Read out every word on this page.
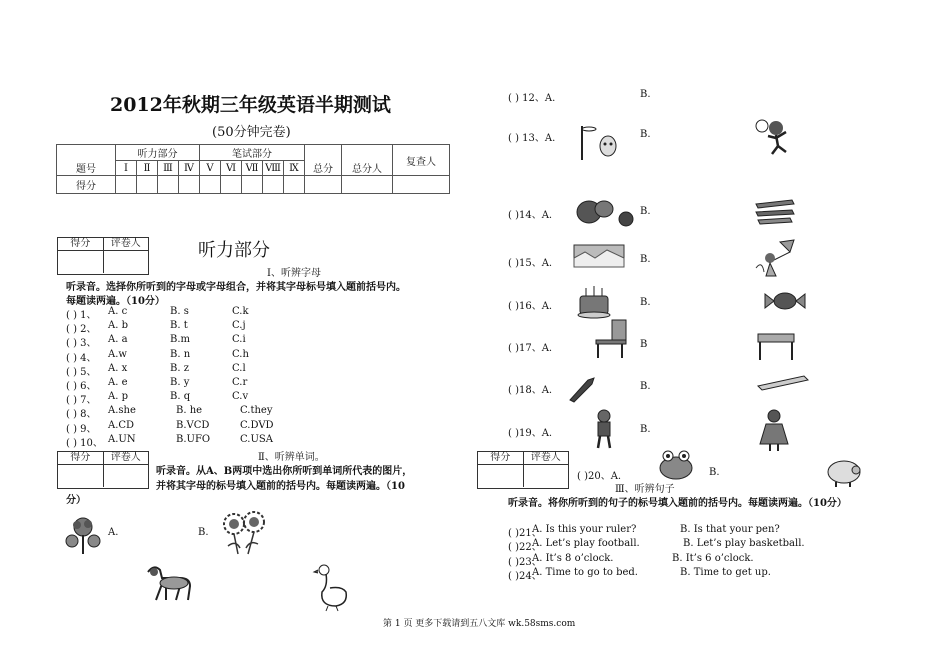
2012年秋期三年级英语半期测试
(50分钟完卷)
题号	听力部分				笔试部分					总分	总分人	复查人
	Ⅰ	Ⅱ	Ⅲ	Ⅳ	Ⅴ	Ⅵ	Ⅶ	Ⅷ	Ⅸ			
得分												
得分	评卷人	听力部分
Ⅰ、听辨字母
听录音。选择你所听到的字母或字母组合，并将其字母标号填入题前括号内。
每题读两遍。（10分）
( ) 1、 A. c	B. s	C.k
( ) 2、 A. b	B. t	C.j
( ) 3、 A. a	B.m	C.i
( ) 4、 A.w	B. n	C.h
( ) 5、 A. x	B. z	C.l
( ) 6、 A. e	B. y	C.r
( ) 7、 A. p	B. q	C.v
( ) 8、 A.she	B. he	C.they
( ) 9、 A.CD	B.VCD	C.DVD
( ) 10、 A.UN	B.UFO	C.USA
得分	评卷人	Ⅱ、听辨单词。
听录音。从A、B两项中选出你所听到单词所代表的图片，
并将其字母的标号填入题前的括号内。每题读两遍。（10
分）
A.	B.
( ) 12、A.	B.
( ) 13、A.	B.
( )14、A.	B.
( )15、A.	B.
( )16、A.	B.
( )17、A.	B
( )18、A.	B.
( )19、A.	B.
( )20、A.	B.
得分	评卷人
Ⅲ、听辨句子
听录音。将你所听到的句子的标号填入题前的括号内。每题读两遍。（10分）
( )21、
A. Is this your ruler?	B. Is that your pen?
( )22、
A. Let’s play football.	B. Let’s play basketball.
( )23、
A. It’s 8 o’clock.	B. It’s 6 o’clock.
( )24、
A. Time to go to bed.	B. Time to get up.
第 1 页 更多下载请到五八文库 wk.58sms.com
